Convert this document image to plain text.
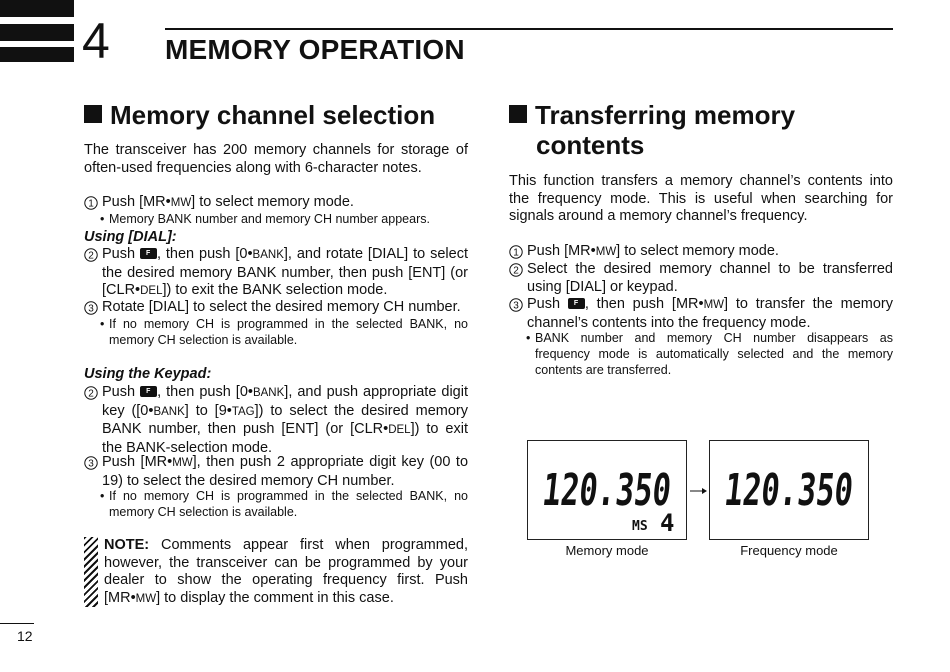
4 MEMORY OPERATION
Memory channel selection
The transceiver has 200 memory channels for storage of often-used frequencies along with 6-character notes.
1 Push [MR•MW] to select memory mode.
• Memory BANK number and memory CH number appears.
Using [DIAL]:
2 Push F, then push [0•BANK], and rotate [DIAL] to select the desired memory BANK number, then push [ENT] (or [CLR•DEL]) to exit the BANK selection mode.
3 Rotate [DIAL] to select the desired memory CH number.
• If no memory CH is programmed in the selected BANK, no memory CH selection is available.
Using the Keypad:
2 Push F, then push [0•BANK], and push appropriate digit key ([0•BANK] to [9•TAG]) to select the desired memory BANK number, then push [ENT] (or [CLR•DEL]) to exit the BANK-selection mode.
3 Push [MR•MW], then push 2 appropriate digit key (00 to 19) to select the desired memory CH number.
• If no memory CH is programmed in the selected BANK, no memory CH selection is available.
NOTE: Comments appear first when programmed, however, the transceiver can be programmed by your dealer to show the operating frequency first. Push [MR•MW] to display the comment in this case.
Transferring memory
contents
This function transfers a memory channel’s contents into the frequency mode. This is useful when searching for signals around a memory channel’s frequency.
1 Push [MR•MW] to select memory mode.
2 Select the desired memory channel to be transferred using [DIAL] or keypad.
3 Push F, then push [MR•MW] to transfer the memory channel’s contents into the frequency mode.
• BANK number and memory CH number disappears as frequency mode is automatically selected and the memory contents are transferred.
120.350
MS 4
120.350
Memory mode	Frequency mode
12
